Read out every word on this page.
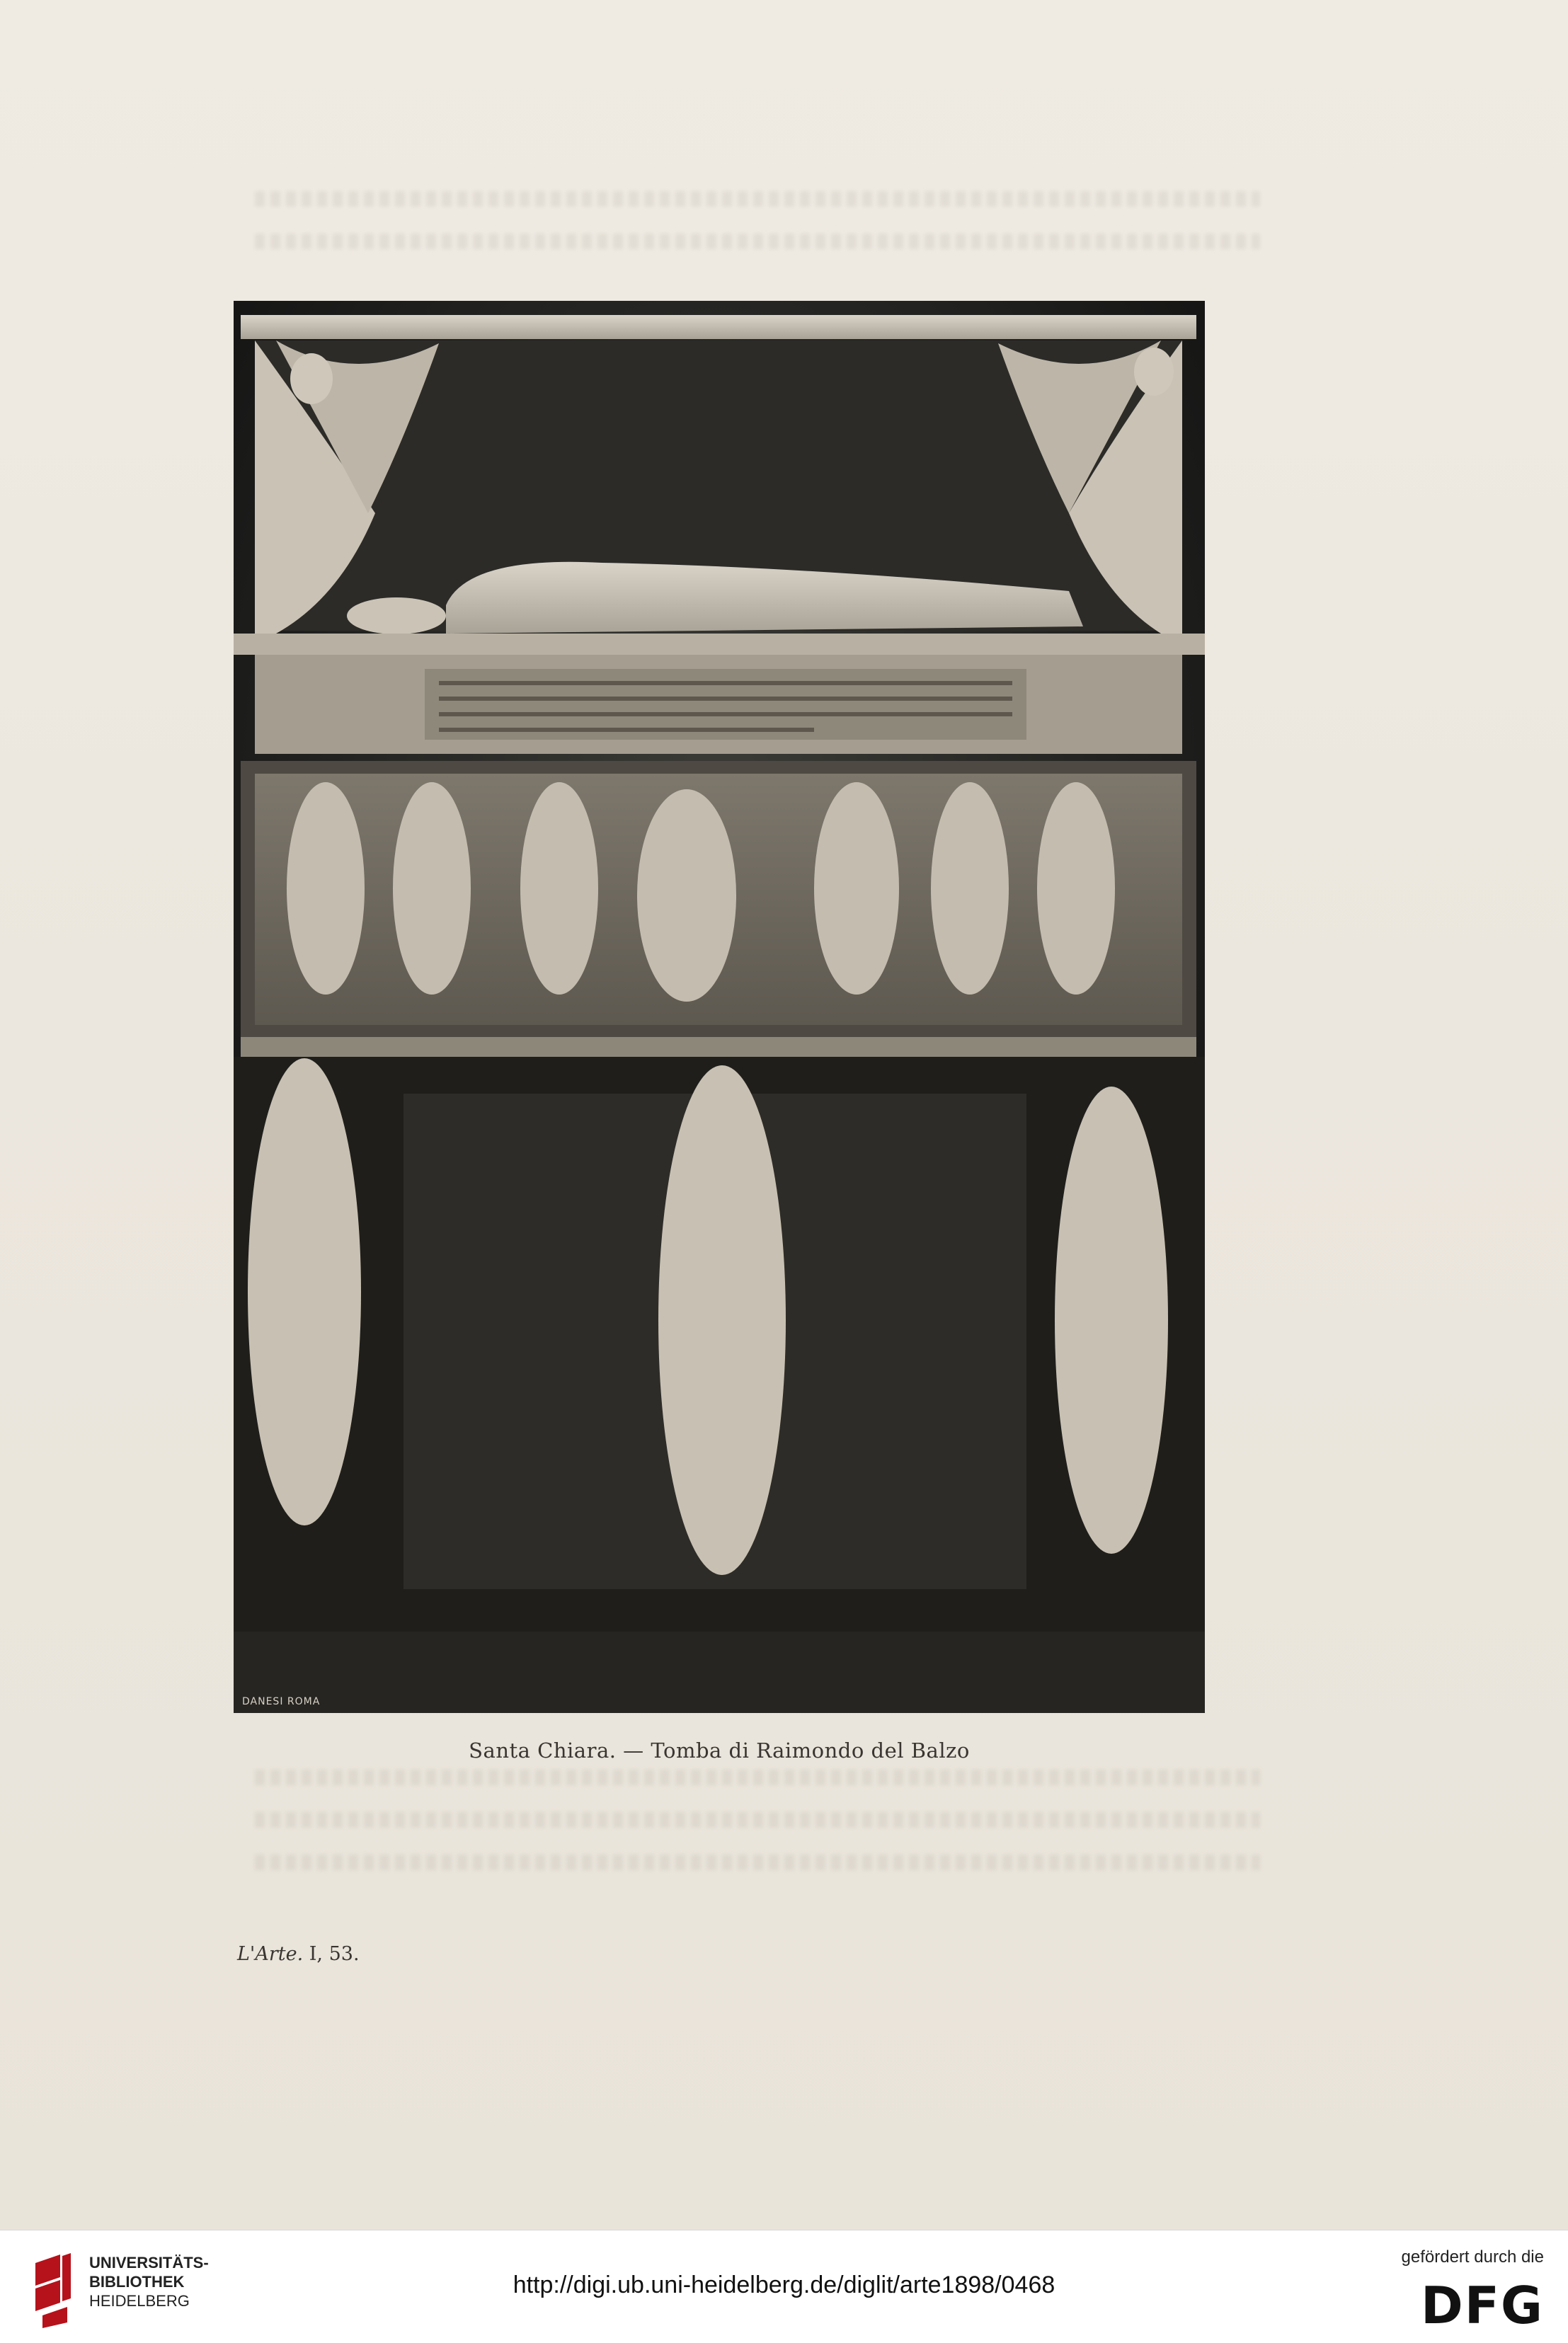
DANESI ROMA
Santa Chiara. — Tomba di Raimondo del Balzo
L'Arte. I, 53.
UNIVERSITÄTS-
BIBLIOTHEK
HEIDELBERG
http://digi.ub.uni-heidelberg.de/diglit/arte1898/0468
gefördert durch die
DFG
